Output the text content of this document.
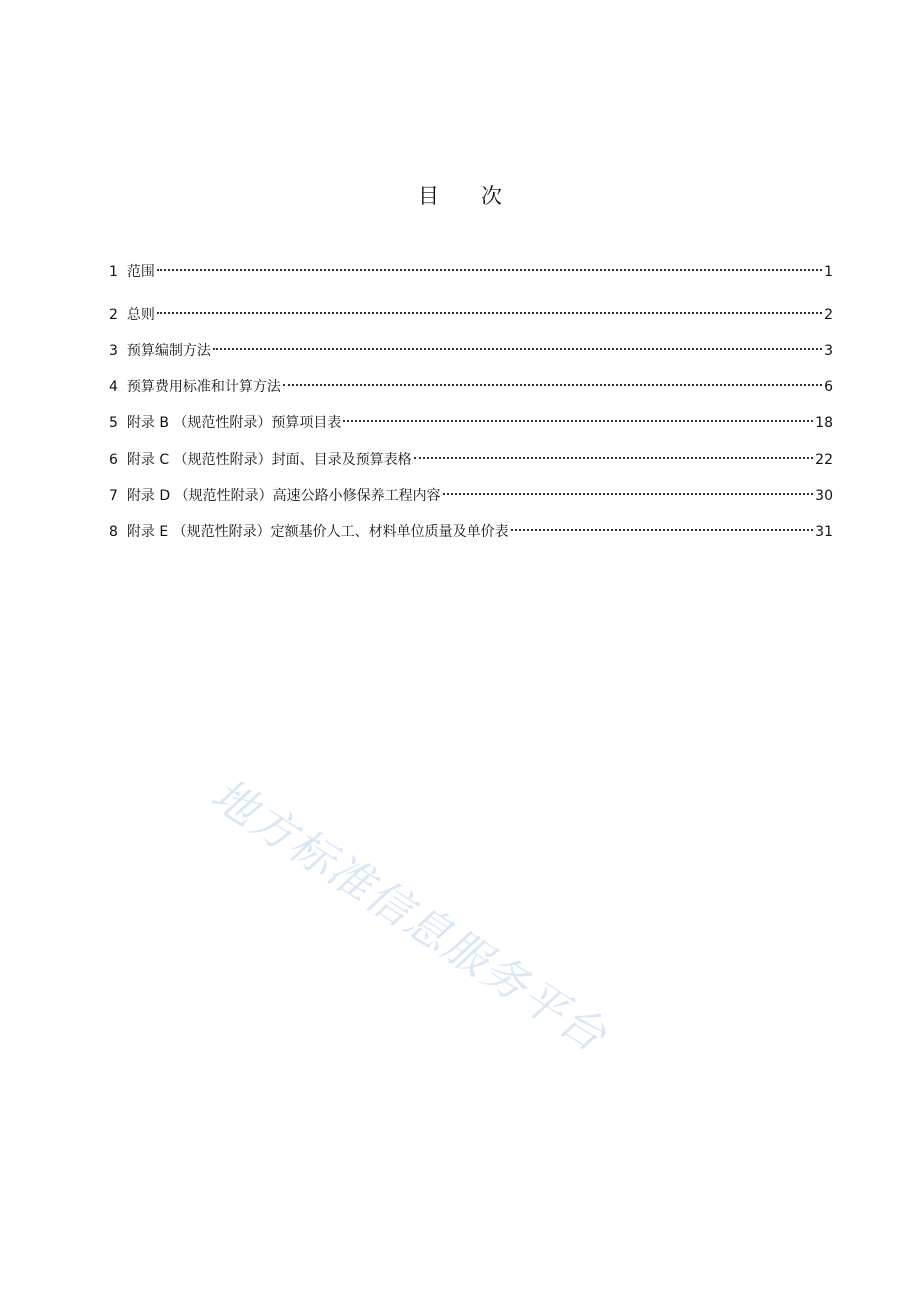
目 次
1 范围	1
2 总则	2
3 预算编制方法	3
4 预算费用标准和计算方法	6
5 附录 B （规范性附录）预算项目表	18
6 附录 C （规范性附录）封面、目录及预算表格	22
7 附录 D （规范性附录）高速公路小修保养工程内容	30
8 附录 E （规范性附录）定额基价人工、材料单位质量及单价表	31
地方标准信息服务平台
